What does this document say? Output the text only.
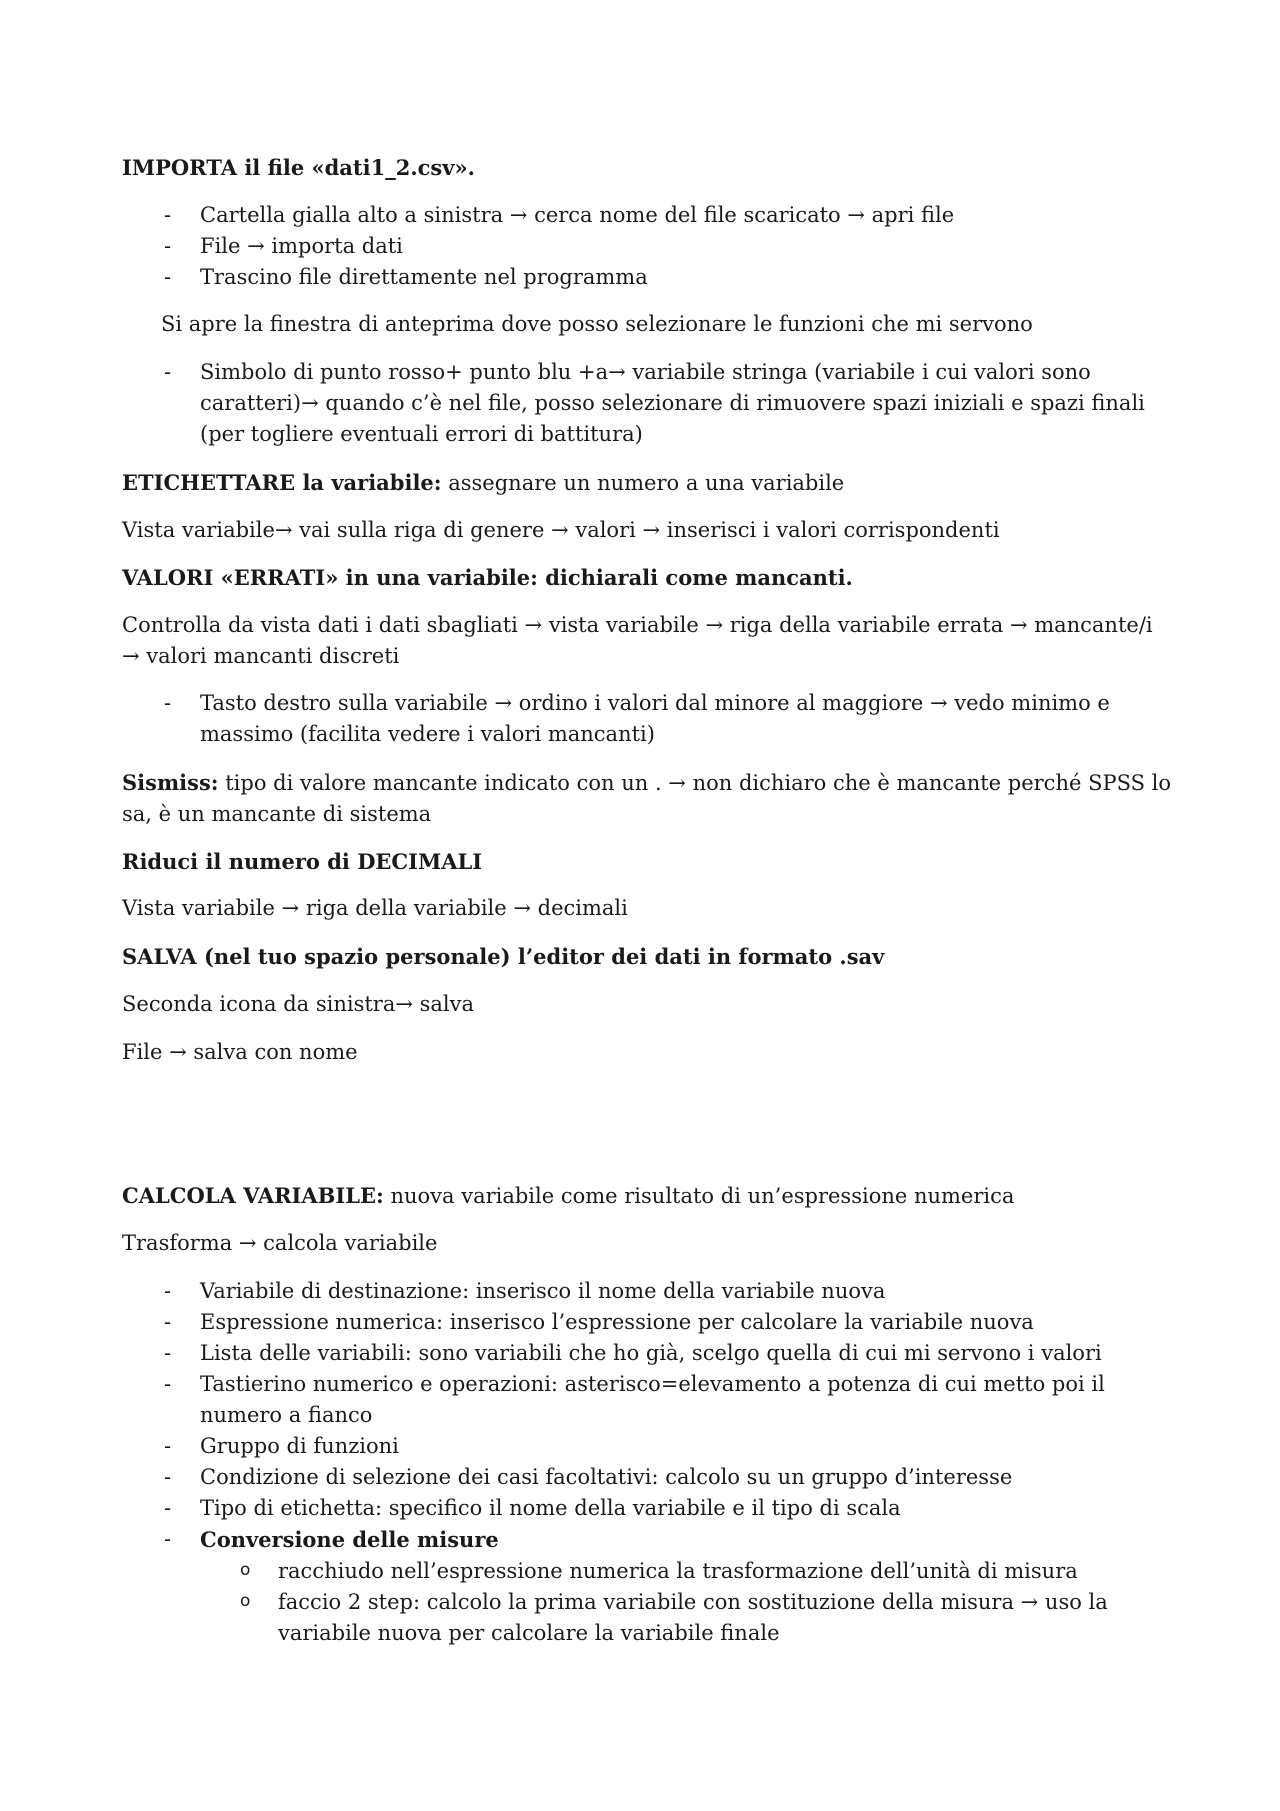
IMPORTA il file «dati1_2.csv».

- Cartella gialla alto a sinistra → cerca nome del file scaricato → apri file
- File → importa dati
- Trascino file direttamente nel programma

Si apre la finestra di anteprima dove posso selezionare le funzioni che mi servono

- Simbolo di punto rosso+ punto blu +a→ variabile stringa (variabile i cui valori sono caratteri)→ quando c’è nel file, posso selezionare di rimuovere spazi iniziali e spazi finali (per togliere eventuali errori di battitura)

ETICHETTARE la variabile: assegnare un numero a una variabile

Vista variabile→ vai sulla riga di genere → valori → inserisci i valori corrispondenti

VALORI «ERRATI» in una variabile: dichiarali come mancanti.

Controlla da vista dati i dati sbagliati → vista variabile → riga della variabile errata → mancante/i → valori mancanti discreti

- Tasto destro sulla variabile → ordino i valori dal minore al maggiore → vedo minimo e massimo (facilita vedere i valori mancanti)

Sismiss: tipo di valore mancante indicato con un . → non dichiaro che è mancante perché SPSS lo sa, è un mancante di sistema

Riduci il numero di DECIMALI

Vista variabile → riga della variabile → decimali

SALVA (nel tuo spazio personale) l’editor dei dati in formato .sav

Seconda icona da sinistra→ salva

File → salva con nome

CALCOLA VARIABILE: nuova variabile come risultato di un’espressione numerica

Trasforma → calcola variabile

- Variabile di destinazione: inserisco il nome della variabile nuova
- Espressione numerica: inserisco l’espressione per calcolare la variabile nuova
- Lista delle variabili: sono variabili che ho già, scelgo quella di cui mi servono i valori
- Tastierino numerico e operazioni: asterisco=elevamento a potenza di cui metto poi il numero a fianco
- Gruppo di funzioni
- Condizione di selezione dei casi facoltativi: calcolo su un gruppo d’interesse
- Tipo di etichetta: specifico il nome della variabile e il tipo di scala
- Conversione delle misure
o racchiudo nell’espressione numerica la trasformazione dell’unità di misura
o faccio 2 step: calcolo la prima variabile con sostituzione della misura → uso la variabile nuova per calcolare la variabile finale
